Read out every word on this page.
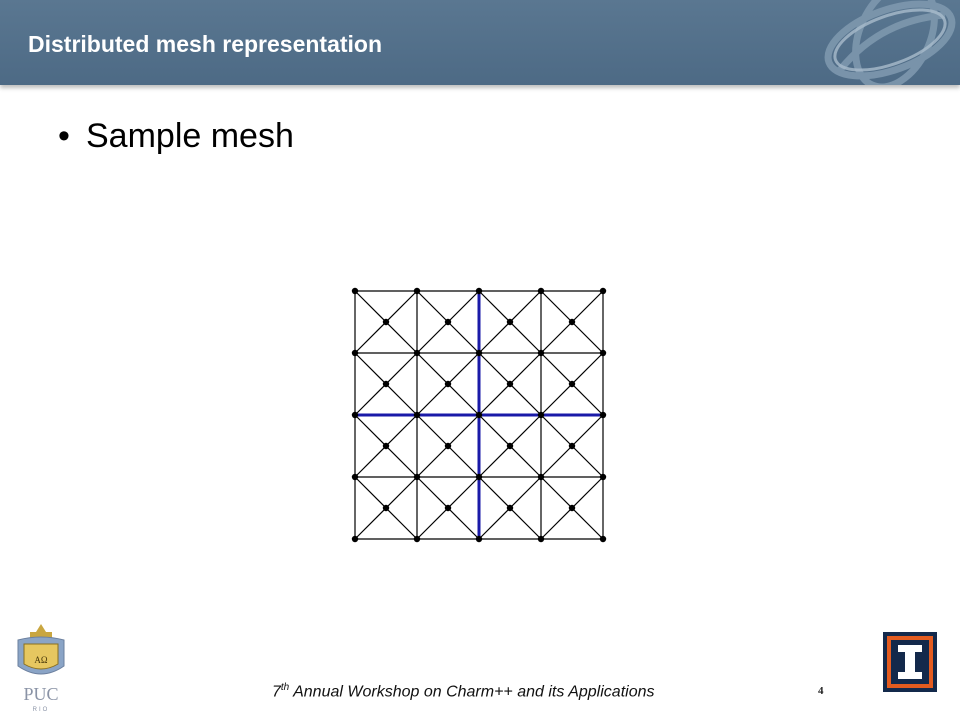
Distributed mesh representation
• Sample mesh
AΩ
PUC
RIO
7th Annual Workshop on Charm++ and its Applications	4
